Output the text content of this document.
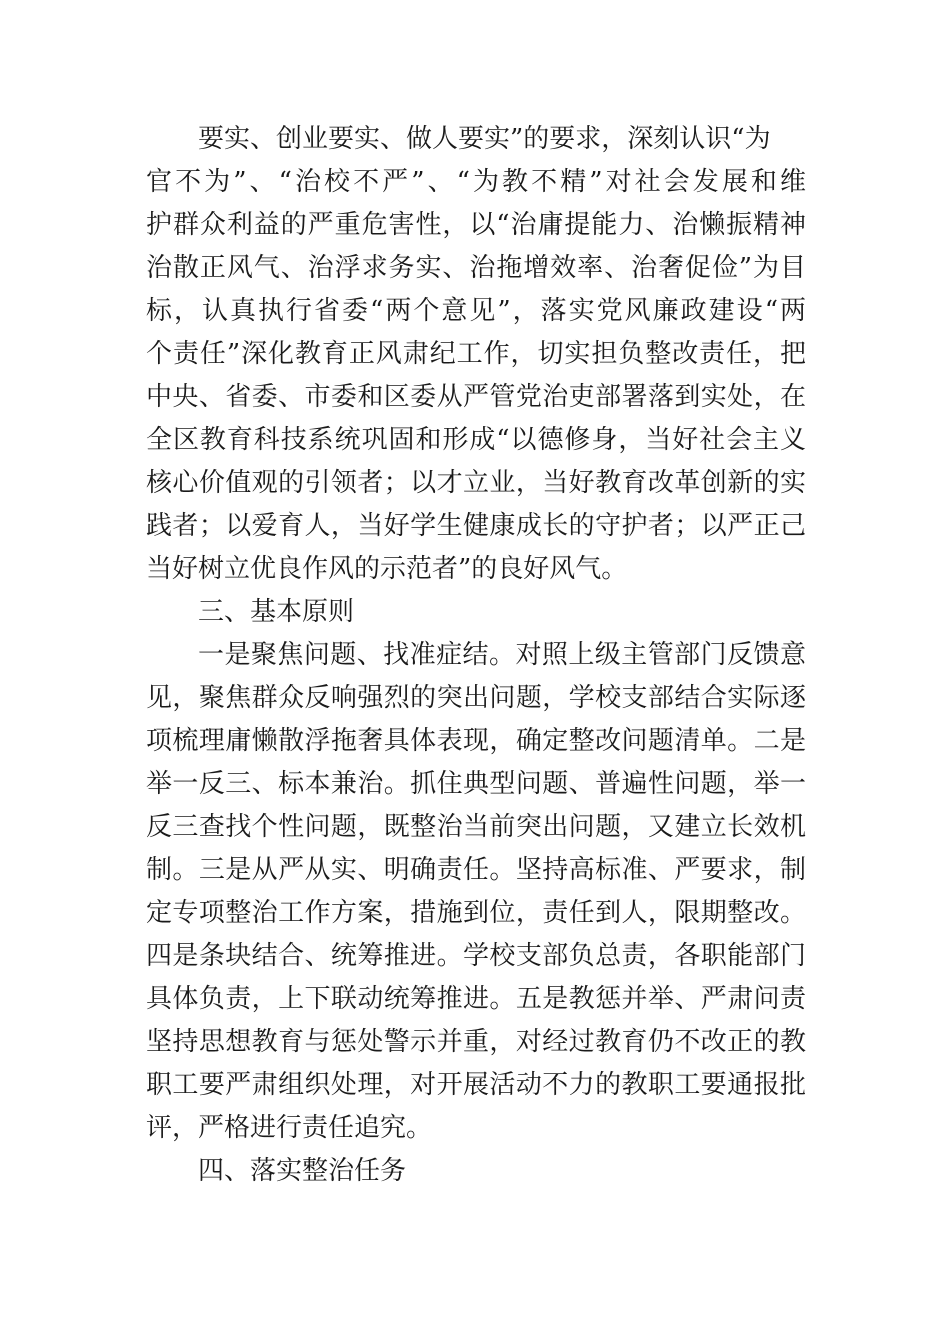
要实、创业要实、做人要实”的要求，深刻认识“为
官不为”、“治校不严”、“为教不精”对社会发展和维
护群众利益的严重危害性，以“治庸提能力、治懒振精神
治散正风气、治浮求务实、治拖增效率、治奢促俭”为目
标，认真执行省委“两个意见”，落实党风廉政建设“两
个责任”深化教育正风肃纪工作，切实担负整改责任，把
中央、省委、市委和区委从严管党治吏部署落到实处，在
全区教育科技系统巩固和形成“以德修身，当好社会主义
核心价值观的引领者；以才立业，当好教育改革创新的实
践者；以爱育人，当好学生健康成长的守护者；以严正己
当好树立优良作风的示范者”的良好风气。
三、基本原则
一是聚焦问题、找准症结。对照上级主管部门反馈意
见，聚焦群众反响强烈的突出问题，学校支部结合实际逐
项梳理庸懒散浮拖奢具体表现，确定整改问题清单。二是
举一反三、标本兼治。抓住典型问题、普遍性问题，举一
反三查找个性问题，既整治当前突出问题，又建立长效机
制。三是从严从实、明确责任。坚持高标准、严要求，制
定专项整治工作方案，措施到位，责任到人，限期整改。
四是条块结合、统筹推进。学校支部负总责，各职能部门
具体负责，上下联动统筹推进。五是教惩并举、严肃问责
坚持思想教育与惩处警示并重，对经过教育仍不改正的教
职工要严肃组织处理，对开展活动不力的教职工要通报批
评，严格进行责任追究。
四、落实整治任务
